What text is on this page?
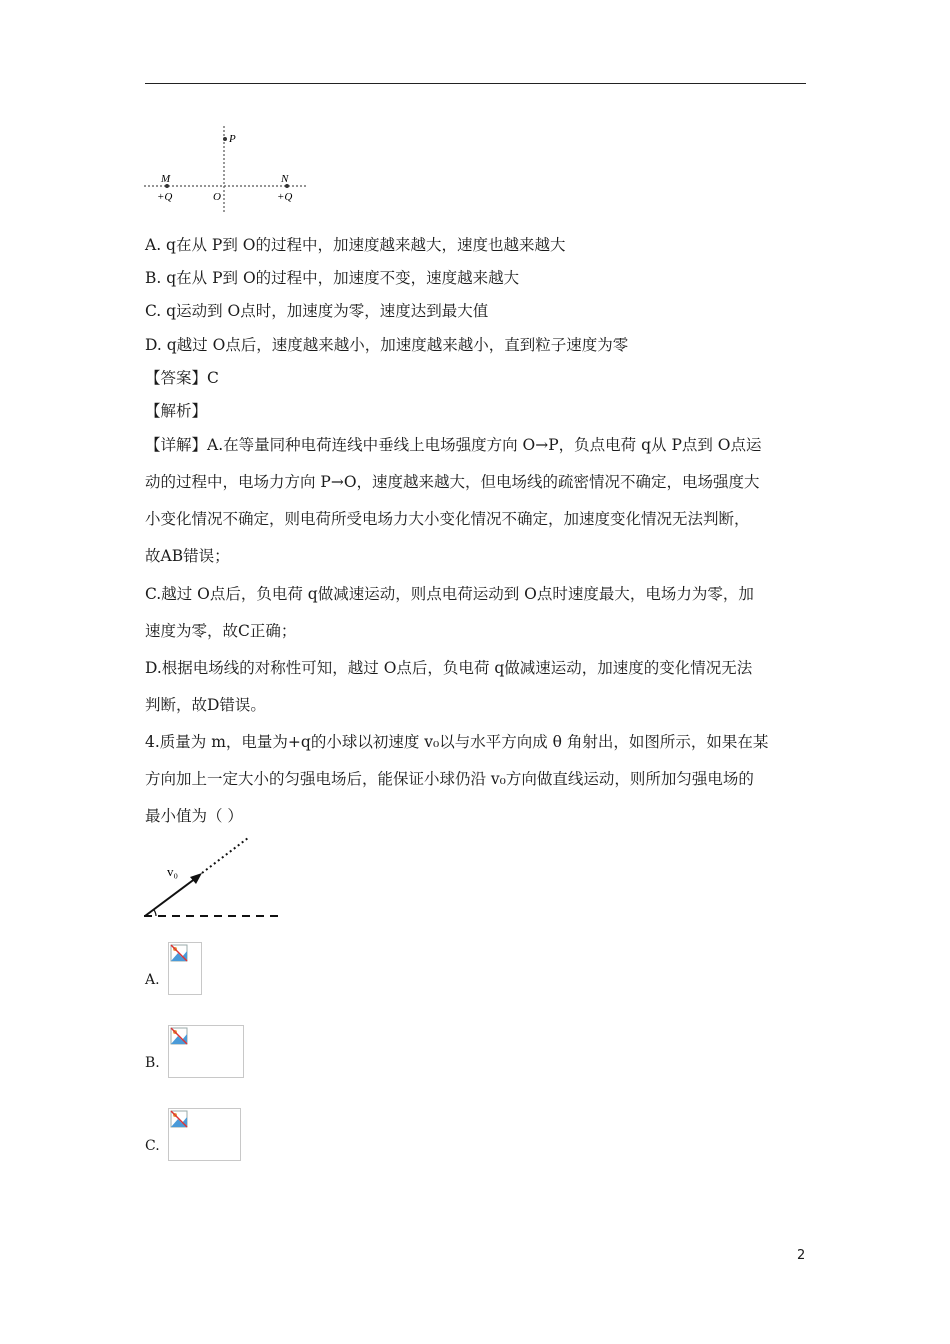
P
M	N
O
+Q	+Q
A. q在从 P到 O的过程中，加速度越来越大，速度也越来越大
B. q在从 P到 O的过程中，加速度不变，速度越来越大
C. q运动到 O点时，加速度为零，速度达到最大值
D. q越过 O点后，速度越来越小，加速度越来越小，直到粒子速度为零
【答案】C
【解析】
【详解】A.在等量同种电荷连线中垂线上电场强度方向 O→P，负点电荷 q从 P点到 O点运
动的过程中，电场力方向 P→O，速度越来越大，但电场线的疏密情况不确定，电场强度大
小变化情况不确定，则电荷所受电场力大小变化情况不确定，加速度变化情况无法判断，
故AB错误；
C.越过 O点后，负电荷 q做减速运动，则点电荷运动到 O点时速度最大，电场力为零，加
速度为零，故C正确；
D.根据电场线的对称性可知，越过 O点后，负电荷 q做减速运动，加速度的变化情况无法
判断，故D错误。
4.质量为 m，电量为+q的小球以初速度 v₀以与水平方向成 θ 角射出，如图所示，如果在某
方向加上一定大小的匀强电场后，能保证小球仍沿 v₀方向做直线运动，则所加匀强电场的
最小值为（ ）
v₀
A.
B.
C.
2
